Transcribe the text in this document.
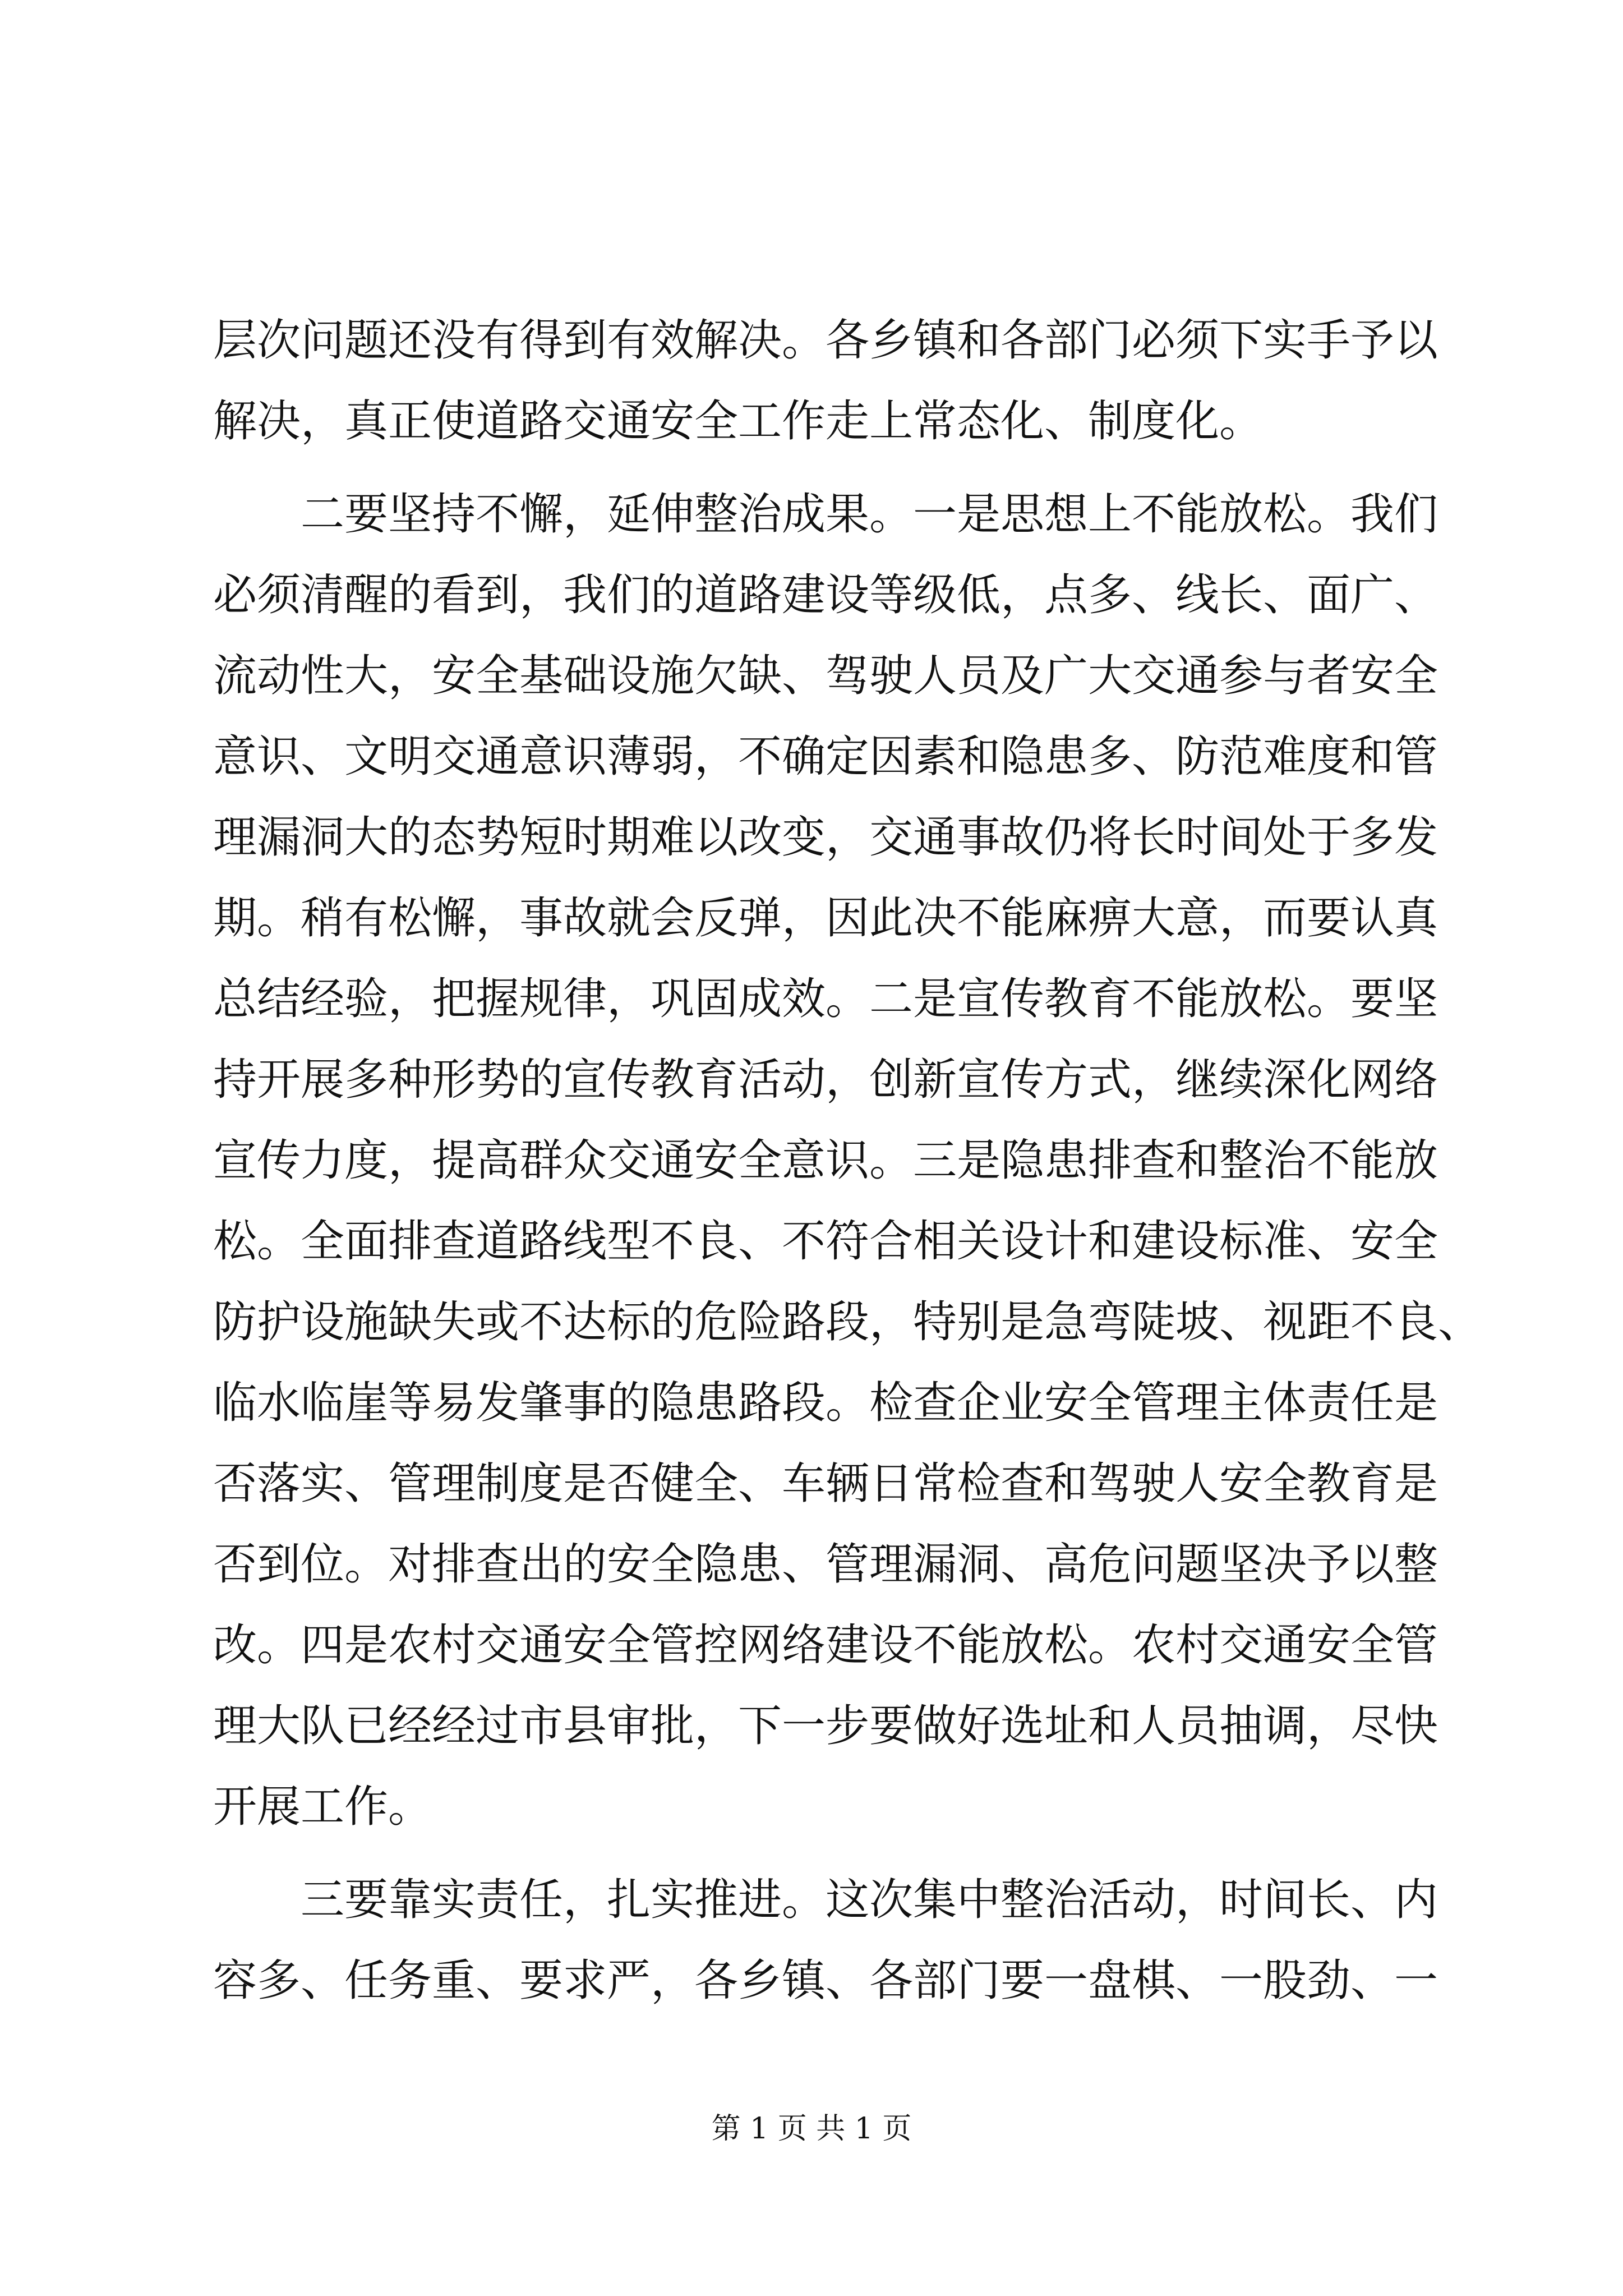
层次问题还没有得到有效解决。各乡镇和各部门必须下实手予以
解决，真正使道路交通安全工作走上常态化、制度化。
　　二要坚持不懈，延伸整治成果。一是思想上不能放松。我们
必须清醒的看到，我们的道路建设等级低，点多、线长、面广、
流动性大，安全基础设施欠缺、驾驶人员及广大交通参与者安全
意识、文明交通意识薄弱，不确定因素和隐患多、防范难度和管
理漏洞大的态势短时期难以改变，交通事故仍将长时间处于多发
期。稍有松懈，事故就会反弹，因此决不能麻痹大意，而要认真
总结经验，把握规律，巩固成效。二是宣传教育不能放松。要坚
持开展多种形势的宣传教育活动，创新宣传方式，继续深化网络
宣传力度，提高群众交通安全意识。三是隐患排查和整治不能放
松。全面排查道路线型不良、不符合相关设计和建设标准、安全
防护设施缺失或不达标的危险路段，特别是急弯陡坡、视距不良、
临水临崖等易发肇事的隐患路段。检查企业安全管理主体责任是
否落实、管理制度是否健全、车辆日常检查和驾驶人安全教育是
否到位。对排查出的安全隐患、管理漏洞、高危问题坚决予以整
改。四是农村交通安全管控网络建设不能放松。农村交通安全管
理大队已经经过市县审批，下一步要做好选址和人员抽调，尽快
开展工作。
　　三要靠实责任，扎实推进。这次集中整治活动，时间长、内
容多、任务重、要求严，各乡镇、各部门要一盘棋、一股劲、一
第 1 页 共 1 页
